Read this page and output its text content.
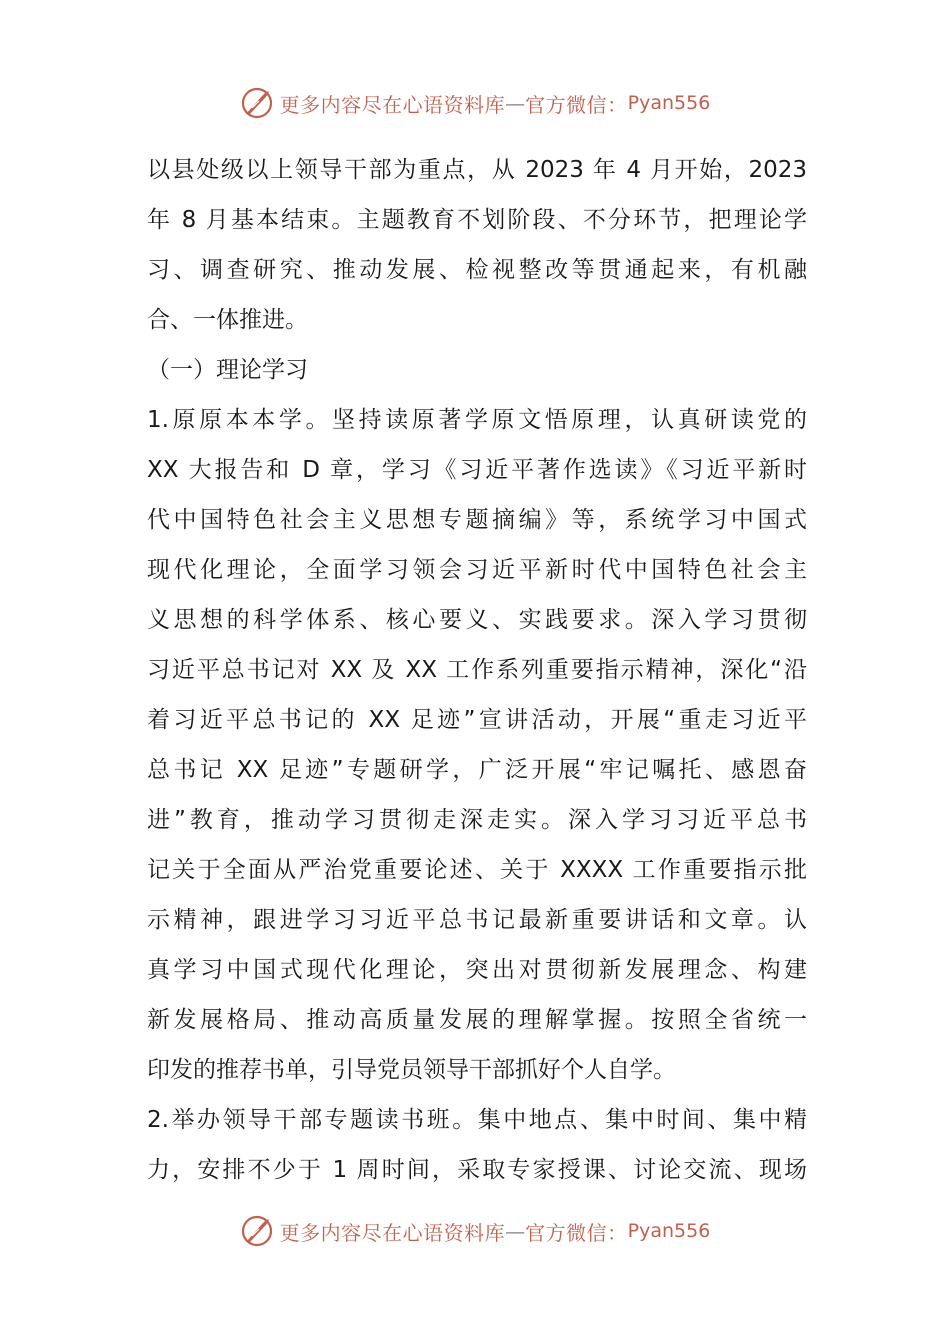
更多内容尽在心语资料库 — 官方微信： Pyan556
以县处级以上领导干部为重点，从 2023 年 4 月开始，2023
年 8 月基本结束。主题教育不划阶段、不分环节，把理论学
习、调查研究、推动发展、检视整改等贯通起来，有机融
合、一体推进。
（一）理论学习
1.原原本本学。坚持读原著学原文悟原理，认真研读党的
XX 大报告和 D 章，学习《习近平著作选读》《习近平新时
代中国特色社会主义思想专题摘编》等，系统学习中国式
现代化理论，全面学习领会习近平新时代中国特色社会主
义思想的科学体系、核心要义、实践要求。深入学习贯彻
习近平总书记对 XX 及 XX 工作系列重要指示精神，深化“沿
着习近平总书记的 XX 足迹”宣讲活动，开展“重走习近平
总书记 XX 足迹”专题研学，广泛开展“牢记嘱托、感恩奋
进”教育，推动学习贯彻走深走实。深入学习习近平总书
记关于全面从严治党重要论述、关于 XXXX 工作重要指示批
示精神，跟进学习习近平总书记最新重要讲话和文章。认
真学习中国式现代化理论，突出对贯彻新发展理念、构建
新发展格局、推动高质量发展的理解掌握。按照全省统一
印发的推荐书单，引导党员领导干部抓好个人自学。
2.举办领导干部专题读书班。集中地点、集中时间、集中精
力，安排不少于 1 周时间，采取专家授课、讨论交流、现场
更多内容尽在心语资料库 — 官方微信： Pyan556
